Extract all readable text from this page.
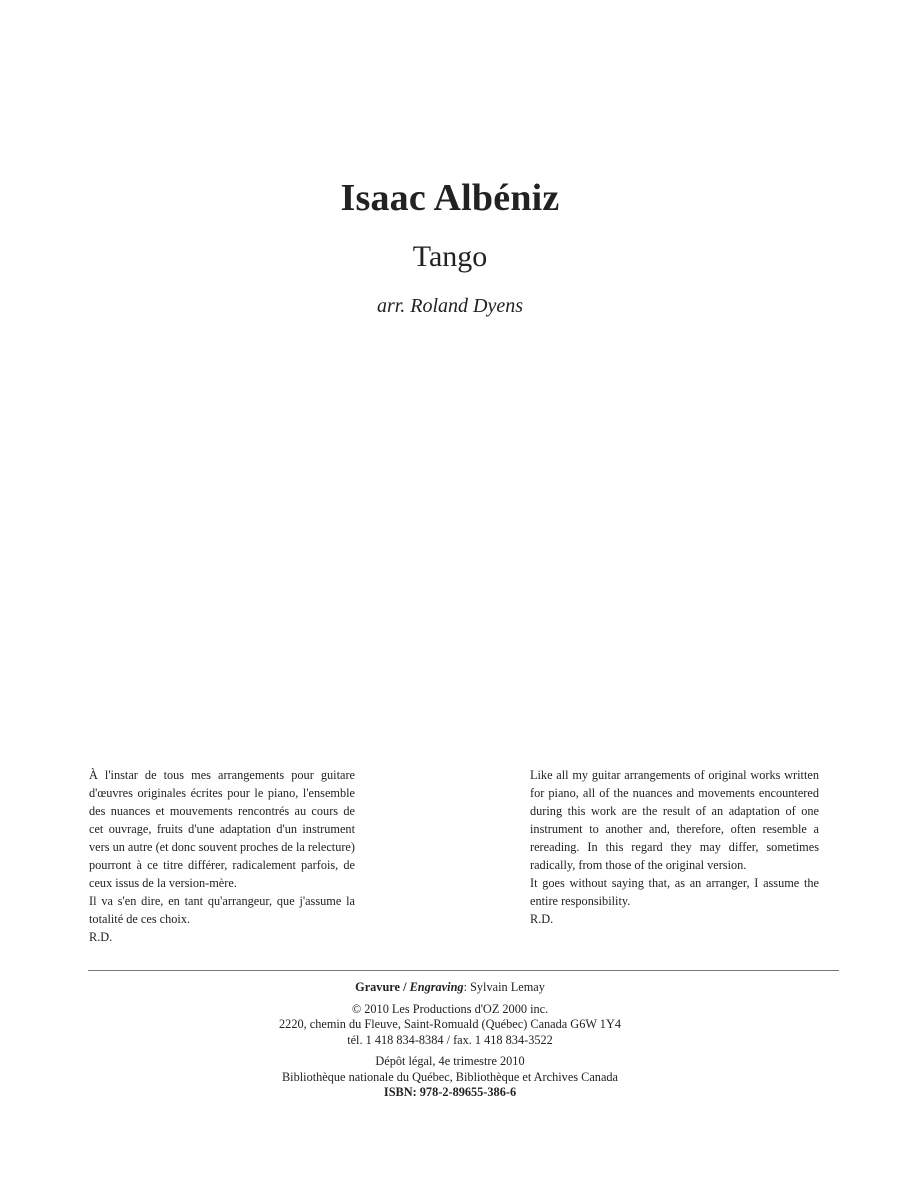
Isaac Albéniz
Tango
arr. Roland Dyens

À l'instar de tous mes arrangements pour guitare d'œuvres originales écrites pour le piano, l'ensemble des nuances et mouvements rencontrés au cours de cet ouvrage, fruits d'une adaptation d'un instrument vers un autre (et donc souvent proches de la relecture) pourront à ce titre différer, radicalement parfois, de ceux issus de la version-mère.

Il va s'en dire, en tant qu'arrangeur, que j'assume la totalité de ces choix.

R.D.

Like all my guitar arrangements of original works written for piano, all of the nuances and movements encountered during this work are the result of an adaptation of one instrument to another and, therefore, often resemble a rereading. In this regard they may differ, sometimes radically, from those of the original version.

It goes without saying that, as an arranger, I assume the entire responsibility.

R.D.

Gravure / Engraving: Sylvain Lemay
© 2010 Les Productions d'OZ 2000 inc.
2220, chemin du Fleuve, Saint-Romuald (Québec) Canada G6W 1Y4
tél. 1 418 834-8384 / fax. 1 418 834-3522
Dépôt légal, 4e trimestre 2010
Bibliothèque nationale du Québec, Bibliothèque et Archives Canada
ISBN: 978-2-89655-386-6
